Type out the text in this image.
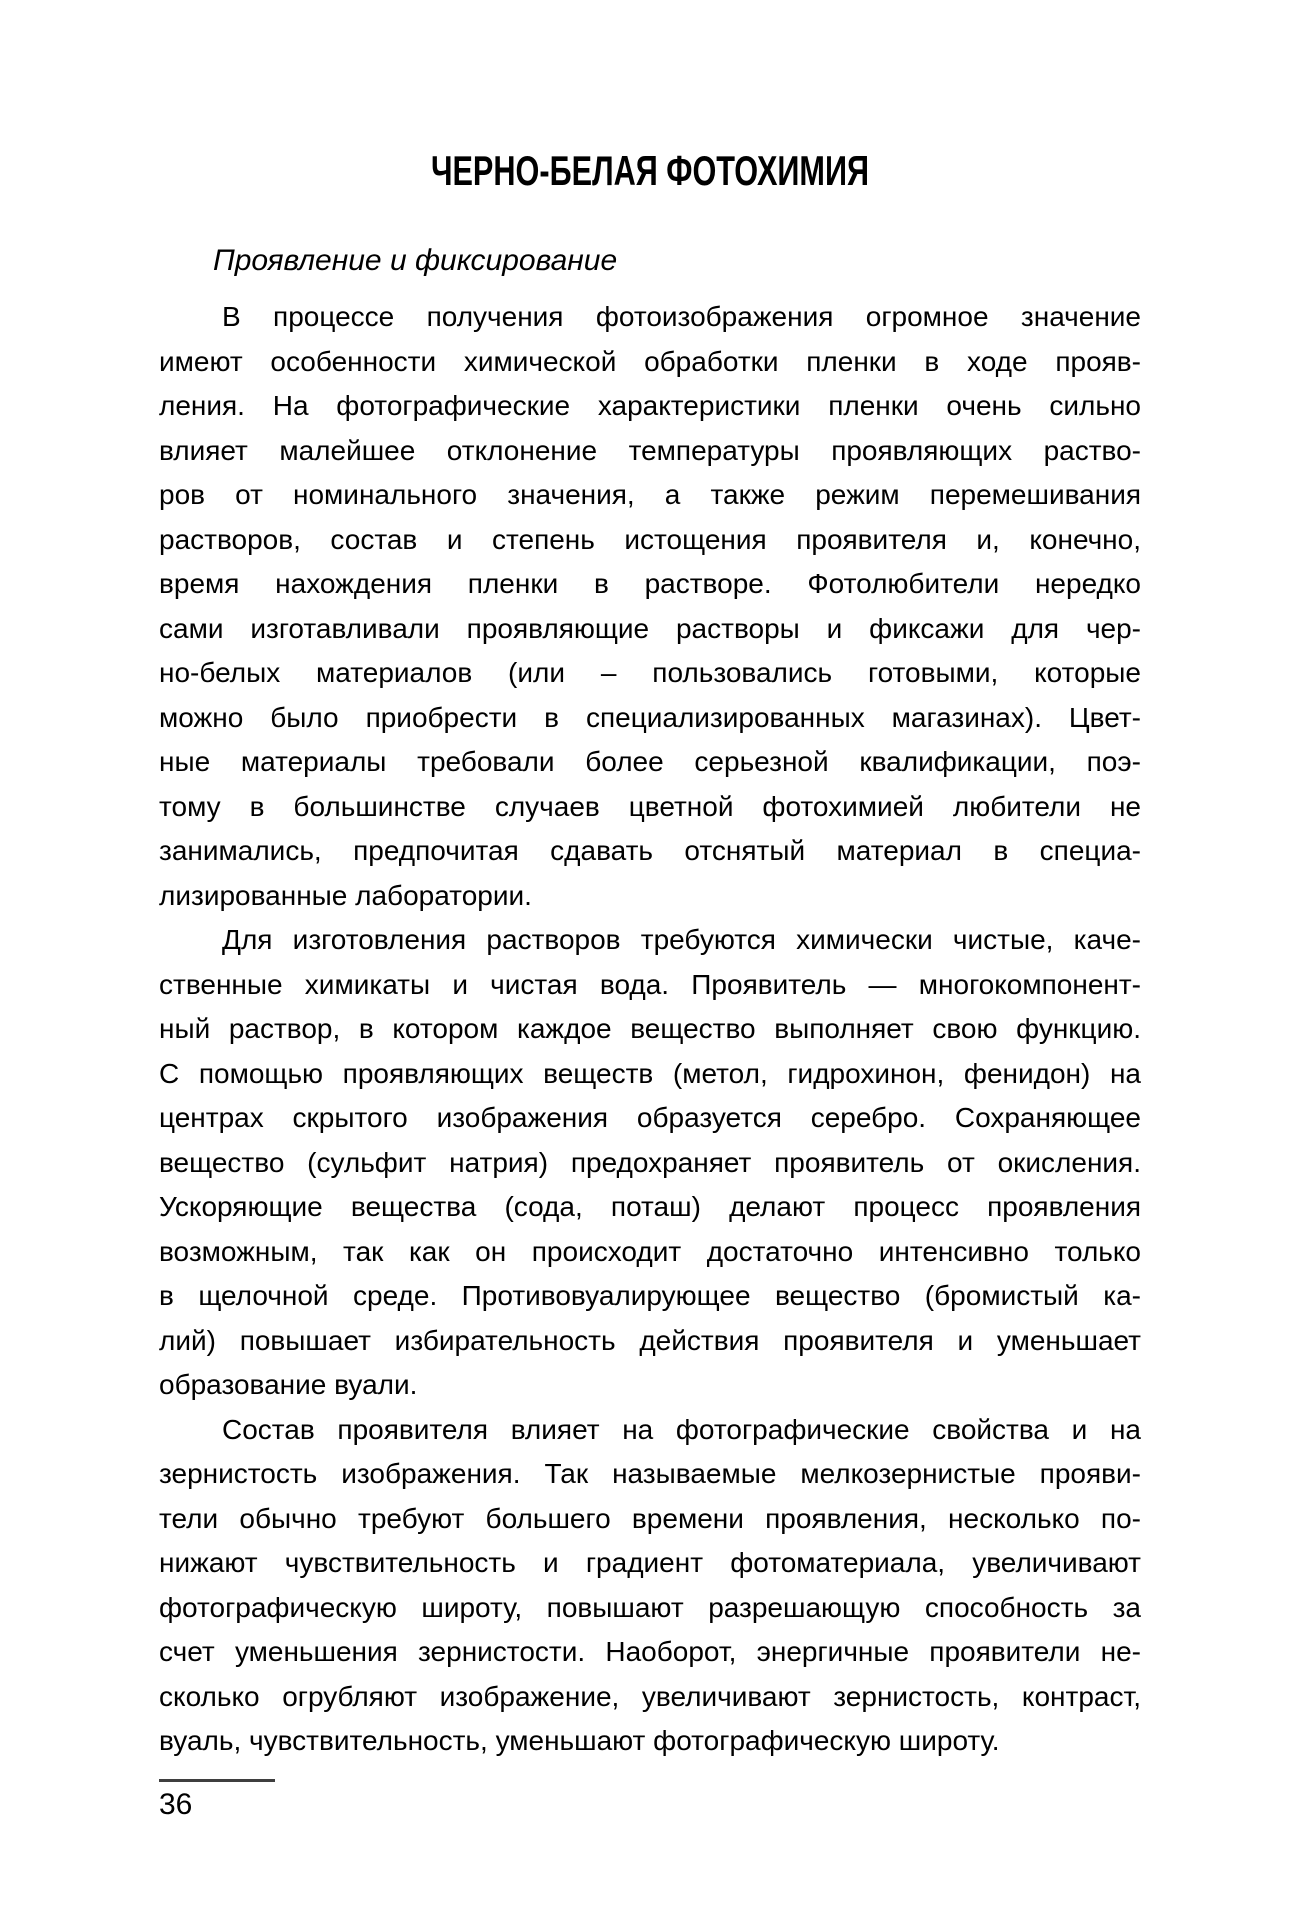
ЧЕРНО-БЕЛАЯ ФОТОХИМИЯ
Проявление и фиксирование
В процессе получения фотоизображения огромное значение
имеют особенности химической обработки пленки в ходе прояв-
ления. На фотографические характеристики пленки очень сильно
влияет малейшее отклонение температуры проявляющих раство-
ров от номинального значения, а также режим перемешивания
растворов, состав и степень истощения проявителя и, конечно,
время нахождения пленки в растворе. Фотолюбители нередко
сами изготавливали проявляющие растворы и фиксажи для чер-
но-белых материалов (или – пользовались готовыми, которые
можно было приобрести в специализированных магазинах). Цвет-
ные материалы требовали более серьезной квалификации, поэ-
тому в большинстве случаев цветной фотохимией любители не
занимались, предпочитая сдавать отснятый материал в специа-
лизированные лаборатории.
Для изготовления растворов требуются химически чистые, каче-
ственные химикаты и чистая вода. Проявитель — многокомпонент-
ный раствор, в котором каждое вещество выполняет свою функцию.
С помощью проявляющих веществ (метол, гидрохинон, фенидон) на
центрах скрытого изображения образуется серебро. Сохраняющее
вещество (сульфит натрия) предохраняет проявитель от окисления.
Ускоряющие вещества (сода, поташ) делают процесс проявления
возможным, так как он происходит достаточно интенсивно только
в щелочной среде. Противовуалирующее вещество (бромистый ка-
лий) повышает избирательность действия проявителя и уменьшает
образование вуали.
Состав проявителя влияет на фотографические свойства и на
зернистость изображения. Так называемые мелкозернистые прояви-
тели обычно требуют большего времени проявления, несколько по-
нижают чувствительность и градиент фотоматериала, увеличивают
фотографическую широту, повышают разрешающую способность за
счет уменьшения зернистости. Наоборот, энергичные проявители не-
сколько огрубляют изображение, увеличивают зернистость, контраст,
вуаль, чувствительность, уменьшают фотографическую широту.
36
